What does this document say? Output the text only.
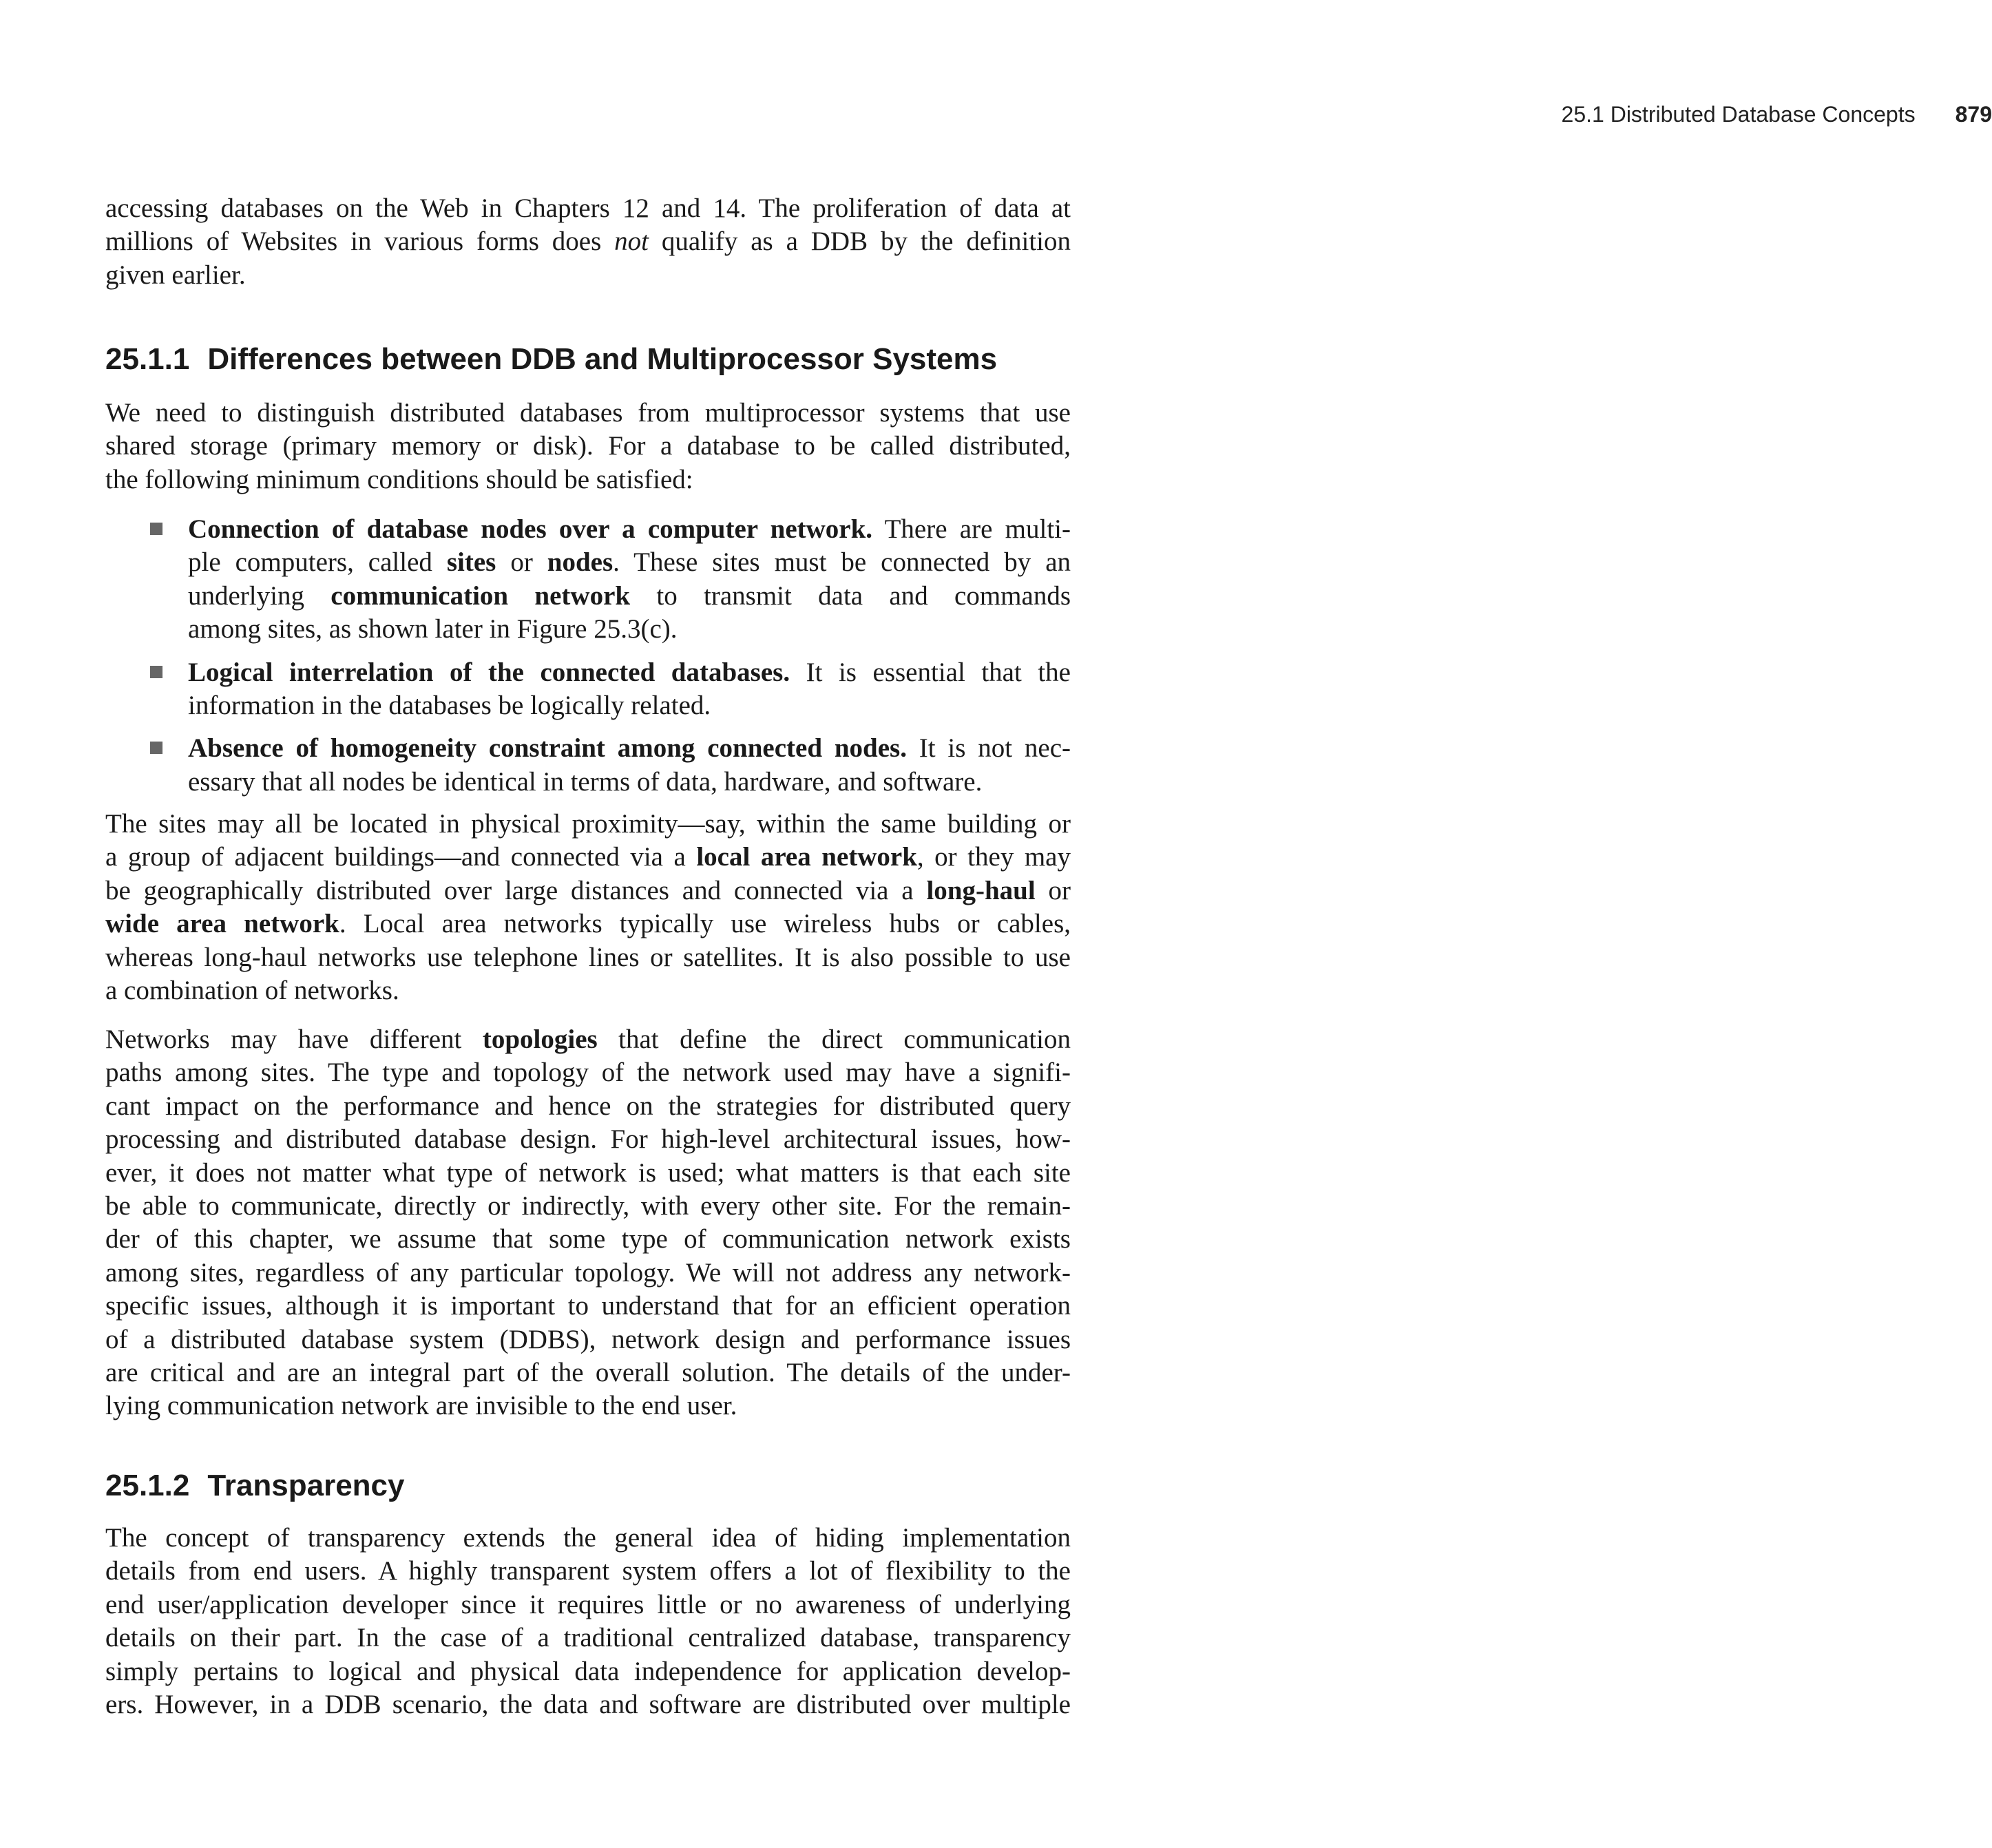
25.1 Distributed Database Concepts 879

accessing databases on the Web in Chapters 12 and 14. The proliferation of data at
millions of Websites in various forms does not qualify as a DDB by the definition
given earlier.

25.1.1 Differences between DDB and Multiprocessor Systems

We need to distinguish distributed databases from multiprocessor systems that use
shared storage (primary memory or disk). For a database to be called distributed,
the following minimum conditions should be satisfied:

Connection of database nodes over a computer network. There are multi-
ple computers, called sites or nodes. These sites must be connected by an
underlying communication network to transmit data and commands
among sites, as shown later in Figure 25.3(c).
Logical interrelation of the connected databases. It is essential that the
information in the databases be logically related.
Absence of homogeneity constraint among connected nodes. It is not nec-
essary that all nodes be identical in terms of data, hardware, and software.

The sites may all be located in physical proximity—say, within the same building or
a group of adjacent buildings—and connected via a local area network, or they may
be geographically distributed over large distances and connected via a long-haul or
wide area network. Local area networks typically use wireless hubs or cables,
whereas long-haul networks use telephone lines or satellites. It is also possible to use
a combination of networks.

Networks may have different topologies that define the direct communication
paths among sites. The type and topology of the network used may have a signifi-
cant impact on the performance and hence on the strategies for distributed query
processing and distributed database design. For high-level architectural issues, how-
ever, it does not matter what type of network is used; what matters is that each site
be able to communicate, directly or indirectly, with every other site. For the remain-
der of this chapter, we assume that some type of communication network exists
among sites, regardless of any particular topology. We will not address any network-
specific issues, although it is important to understand that for an efficient operation
of a distributed database system (DDBS), network design and performance issues
are critical and are an integral part of the overall solution. The details of the under-
lying communication network are invisible to the end user.

25.1.2 Transparency

The concept of transparency extends the general idea of hiding implementation
details from end users. A highly transparent system offers a lot of flexibility to the
end user/application developer since it requires little or no awareness of underlying
details on their part. In the case of a traditional centralized database, transparency
simply pertains to logical and physical data independence for application develop-
ers. However, in a DDB scenario, the data and software are distributed over multiple
